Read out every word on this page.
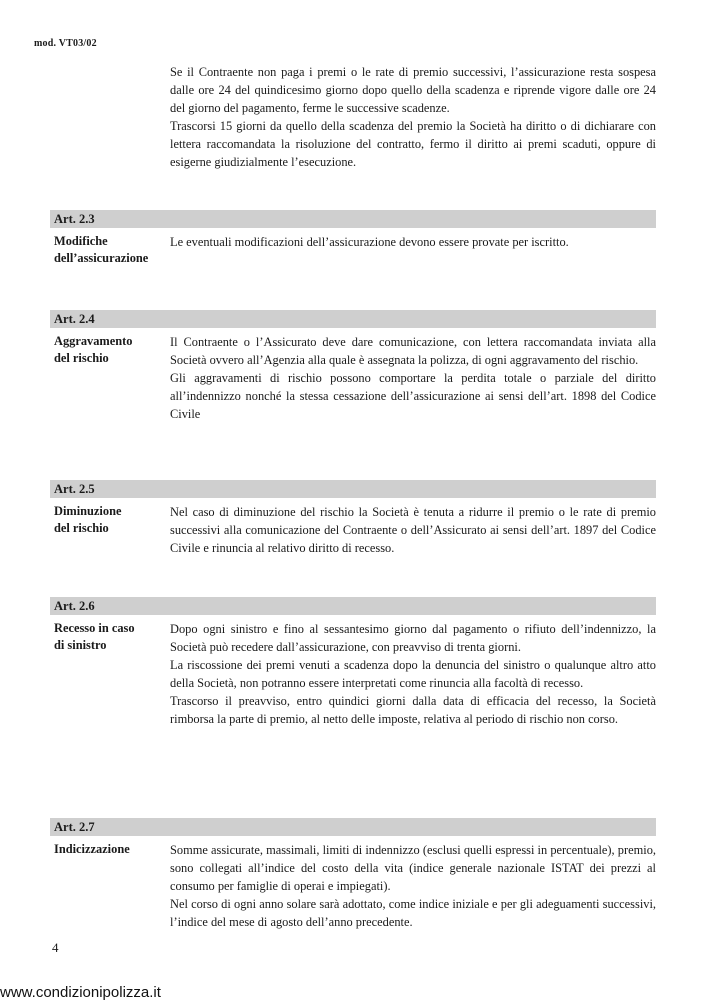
mod. VT03/02

Se il Contraente non paga i premi o le rate di premio successivi, l’assicurazione resta sospesa dalle ore 24 del quindicesimo giorno dopo quello della scadenza e riprende vigore dalle ore 24 del giorno del pagamento, ferme le successive scadenze.

Trascorsi 15 giorni da quello della scadenza del premio la Società ha diritto o di dichiarare con lettera raccomandata la risoluzione del contratto, fermo il diritto ai premi scaduti, oppure di esigerne giudizialmente l’esecuzione.

Art. 2.3
Modifiche
dell’assicurazione

Le eventuali modificazioni dell’assicurazione devono essere provate per iscritto.

Art. 2.4
Aggravamento
del rischio

Il Contraente o l’Assicurato deve dare comunicazione, con lettera raccomandata inviata alla Società ovvero all’Agenzia alla quale è assegnata la polizza, di ogni aggravamento del rischio.

Gli aggravamenti di rischio possono comportare la perdita totale o parziale del diritto all’indennizzo nonché la stessa cessazione dell’assicurazione ai sensi dell’art. 1898 del Codice Civile

Art. 2.5
Diminuzione
del rischio

Nel caso di diminuzione del rischio la Società è tenuta a ridurre il premio o le rate di premio successivi alla comunicazione del Contraente o dell’Assicurato ai sensi dell’art. 1897 del Codice Civile e rinuncia al relativo diritto di recesso.

Art. 2.6
Recesso in caso
di sinistro

Dopo ogni sinistro e fino al sessantesimo giorno dal pagamento o rifiuto dell’indennizzo, la Società può recedere dall’assicurazione, con preavviso di trenta giorni.

La riscossione dei premi venuti a scadenza dopo la denuncia del sinistro o qualunque altro atto della Società, non potranno essere interpretati come rinuncia alla facoltà di recesso.

Trascorso il preavviso, entro quindici giorni dalla data di efficacia del recesso, la Società rimborsa la parte di premio, al netto delle imposte, relativa al periodo di rischio non corso.

Art. 2.7
Indicizzazione	Somme assicurate, massimali, limiti di indennizzo (esclusi quelli espressi in percentuale), premio, sono collegati all’indice del costo della vita (indice generale nazionale ISTAT dei prezzi al consumo per famiglie di operai e impiegati).

Nel corso di ogni anno solare sarà adottato, come indice iniziale e per gli adeguamenti successivi, l’indice del mese di agosto dell’anno precedente.

4
www.condizionipolizza.it
